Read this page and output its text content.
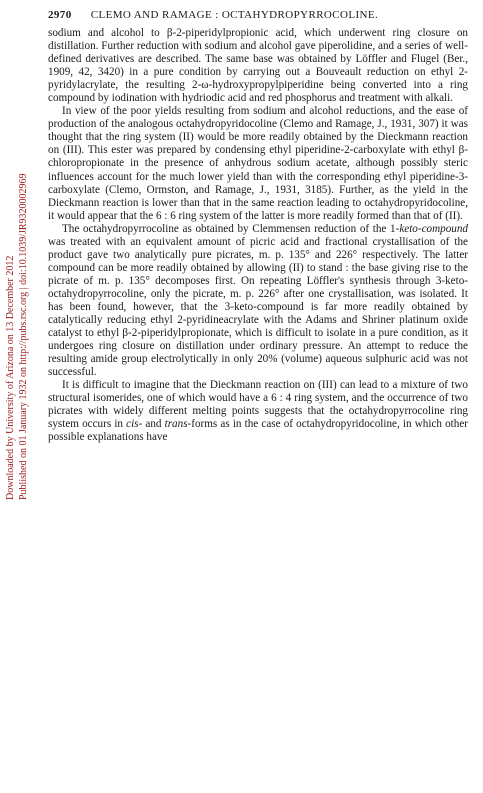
Downloaded by University of Arizona on 13 December 2012 Published on 01 January 1932 on http://pubs.rsc.org | doi:10.1039/JR9320002969
2970 CLEMO AND RAMAGE : OCTAHYDROPYRROCOLINE.

sodium and alcohol to β-2-piperidylpropionic acid, which underwent ring closure on distillation. Further reduction with sodium and alcohol gave piperolidine, and a series of well-defined derivatives are described. The same base was obtained by Löffler and Flugel (Ber., 1909, 42, 3420) in a pure condition by carrying out a Bouveault reduction on ethyl 2-pyridylacrylate, the resulting 2-ω-hydroxypropylpiperidine being converted into a ring compound by iodination with hydriodic acid and red phosphorus and treatment with alkali.

In view of the poor yields resulting from sodium and alcohol reductions, and the ease of production of the analogous octahydropyridocoline (Clemo and Ramage, J., 1931, 307) it was thought that the ring system (II) would be more readily obtained by the Dieckmann reaction on (III). This ester was prepared by condensing ethyl piperidine-2-carboxylate with ethyl β-chloropropionate in the presence of anhydrous sodium acetate, although possibly steric influences account for the much lower yield than with the corresponding ethyl piperidine-3-carboxylate (Clemo, Ormston, and Ramage, J., 1931, 3185). Further, as the yield in the Dieckmann reaction is lower than that in the same reaction leading to octahydropyridocoline, it would appear that the 6 : 6 ring system of the latter is more readily formed than that of (II).

The octahydropyrrocoline as obtained by Clemmensen reduction of the 1-keto-compound was treated with an equivalent amount of picric acid and fractional crystallisation of the product gave two analytically pure picrates, m. p. 135° and 226° respectively. The latter compound can be more readily obtained by allowing (II) to stand : the base giving rise to the picrate of m. p. 135° decomposes first. On repeating Löffler's synthesis through 3-keto-octahydropyrrocoline, only the picrate, m. p. 226° after one crystallisation, was isolated. It has been found, however, that the 3-keto-compound is far more readily obtained by catalytically reducing ethyl 2-pyridineacrylate with the Adams and Shriner platinum oxide catalyst to ethyl β-2-piperidylpropionate, which is difficult to isolate in a pure condition, as it undergoes ring closure on distillation under ordinary pressure. An attempt to reduce the resulting amide group electrolytically in only 20% (volume) aqueous sulphuric acid was not successful.

It is difficult to imagine that the Dieckmann reaction on (III) can lead to a mixture of two structural isomerides, one of which would have a 6 : 4 ring system, and the occurrence of two picrates with widely different melting points suggests that the octahydropyrrocoline ring system occurs in cis- and trans-forms as in the case of octahydropyridocoline, in which other possible explanations have
